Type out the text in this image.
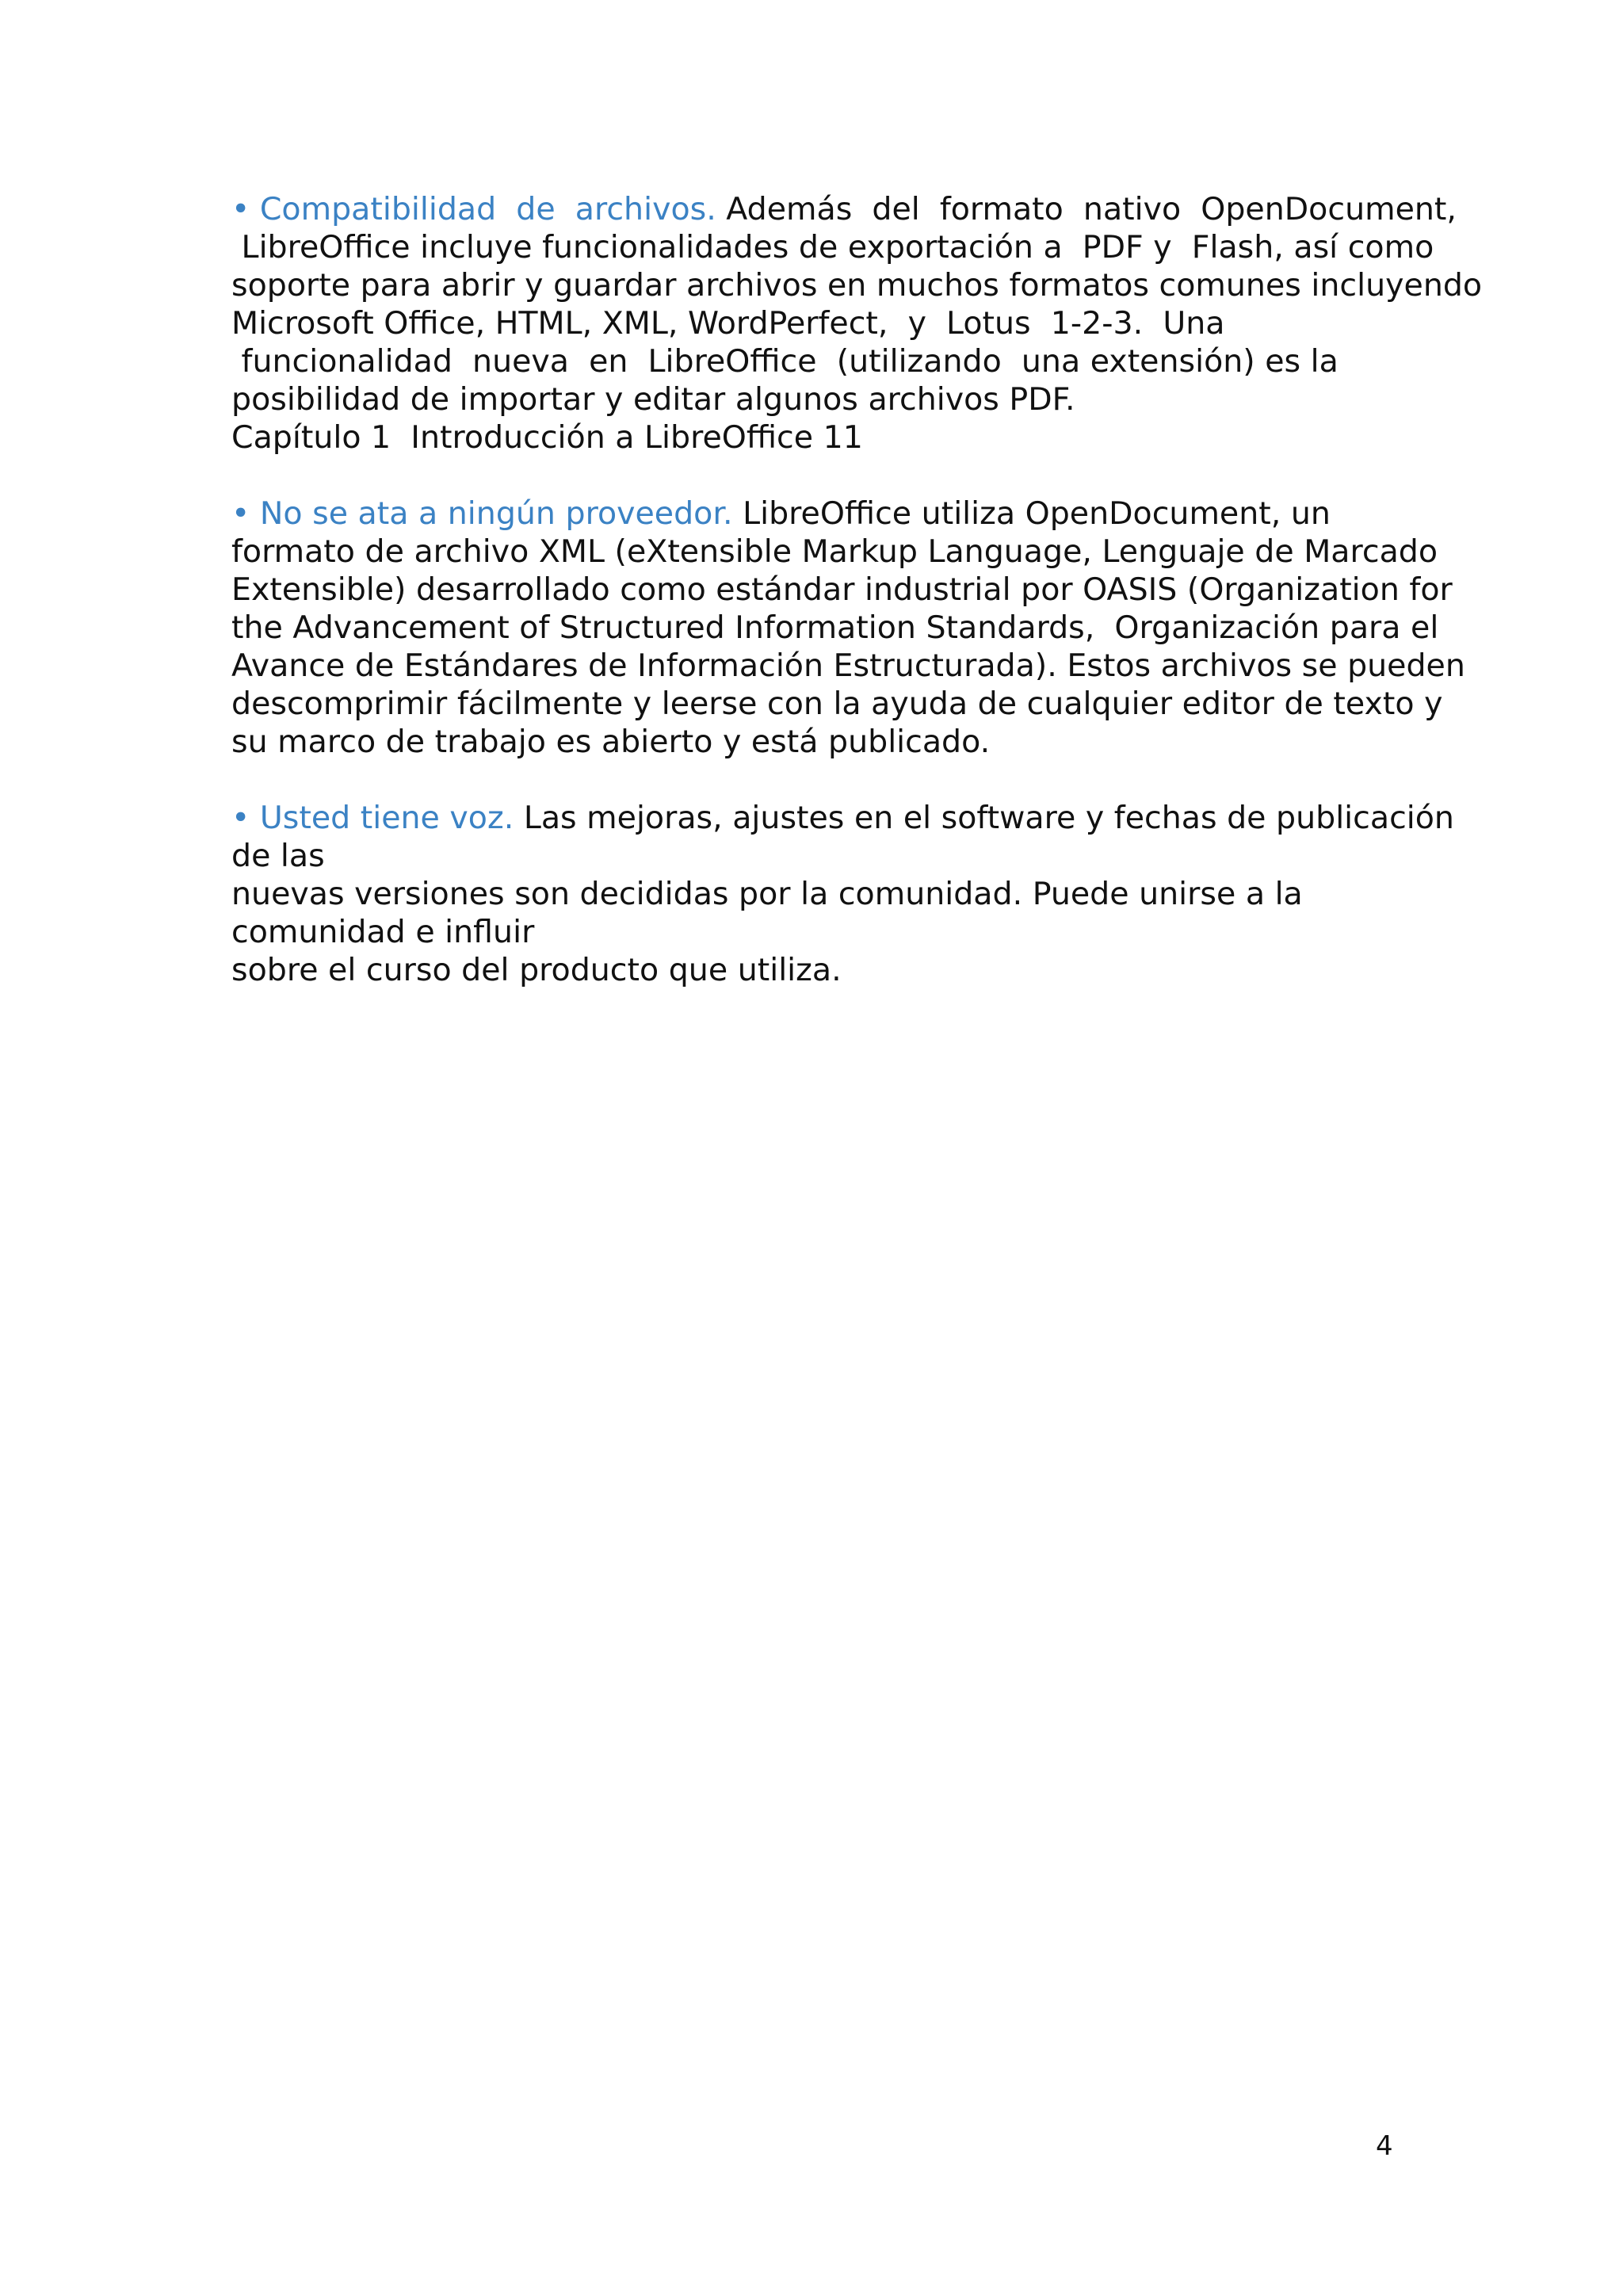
• Compatibilidad  de  archivos. Además  del  formato  nativo  OpenDocument,
LibreOffice incluye funcionalidades de exportación a  PDF y  Flash, así como
soporte para abrir y guardar archivos en muchos formatos comunes incluyendo
Microsoft Office, HTML, XML, WordPerfect,  y  Lotus  1-2-3.  Una
funcionalidad  nueva  en  LibreOffice  (utilizando  una extensión) es la
posibilidad de importar y editar algunos archivos PDF.
Capítulo 1  Introducción a LibreOffice 11
• No se ata a ningún proveedor. LibreOffice utiliza OpenDocument, un
formato de archivo XML (eXtensible Markup Language, Lenguaje de Marcado
Extensible) desarrollado como estándar industrial por OASIS (Organization for
the Advancement of Structured Information Standards,  Organización para el
Avance de Estándares de Información Estructurada). Estos archivos se pueden
descomprimir fácilmente y leerse con la ayuda de cualquier editor de texto y
su marco de trabajo es abierto y está publicado.
• Usted tiene voz. Las mejoras, ajustes en el software y fechas de publicación
de las
nuevas versiones son decididas por la comunidad. Puede unirse a la
comunidad e influir
sobre el curso del producto que utiliza.
4
